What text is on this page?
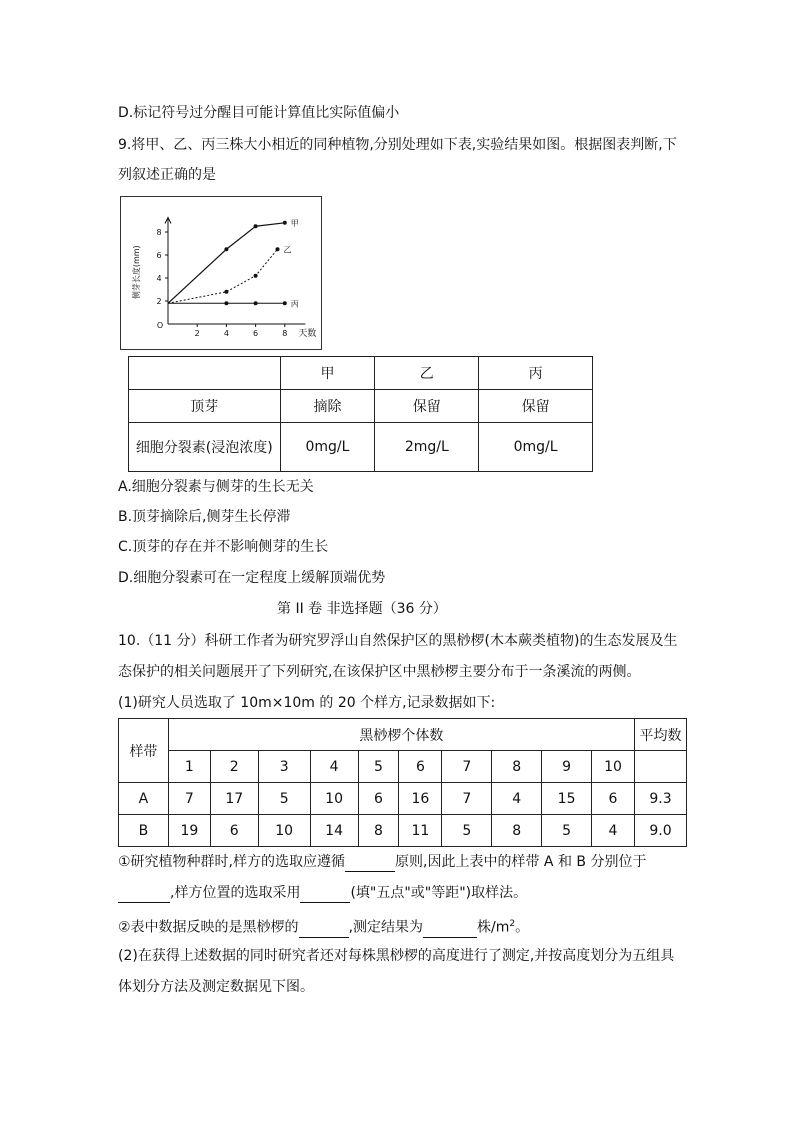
D.标记符号过分醒目可能计算值比实际值偏小
9.将甲、乙、丙三株大小相近的同种植物,分别处理如下表,实验结果如图。根据图表判断,下
列叙述正确的是
2
4
6
8
2	4	6	8
O
天数
侧芽长度(mm)
甲
乙
丙
	甲	乙	丙
顶芽	摘除	保留	保留
细胞分裂素(浸泡浓度)	0mg/L	2mg/L	0mg/L
A.细胞分裂素与侧芽的生长无关
B.顶芽摘除后,侧芽生长停滞
C.顶芽的存在并不影响侧芽的生长
D.细胞分裂素可在一定程度上缓解顶端优势
第 II 卷 非选择题（36 分）
10.（11 分）科研工作者为研究罗浮山自然保护区的黑桫椤(木本蕨类植物)的生态发展及生
态保护的相关问题展开了下列研究,在该保护区中黑桫椤主要分布于一条溪流的两侧。
(1)研究人员选取了 10m×10m 的 20 个样方,记录数据如下:
样带	黑桫椤个体数										平均数
	1	2	3	4	5	6	7	8	9	10	
A	7	17	5	10	6	16	7	4	15	6	9.3
B	19	6	10	14	8	11	5	8	5	4	9.0
①研究植物种群时,样方的选取应遵循	原则,因此上表中的样带 A 和 B 分别位于
,样方位置的选取采用	(填"五点"或"等距")取样法。
②表中数据反映的是黑桫椤的	,测定结果为	株$/m^2$。
(2)在获得上述数据的同时研究者还对每株黑桫椤的高度进行了测定,并按高度划分为五组具
体划分方法及测定数据见下图。
